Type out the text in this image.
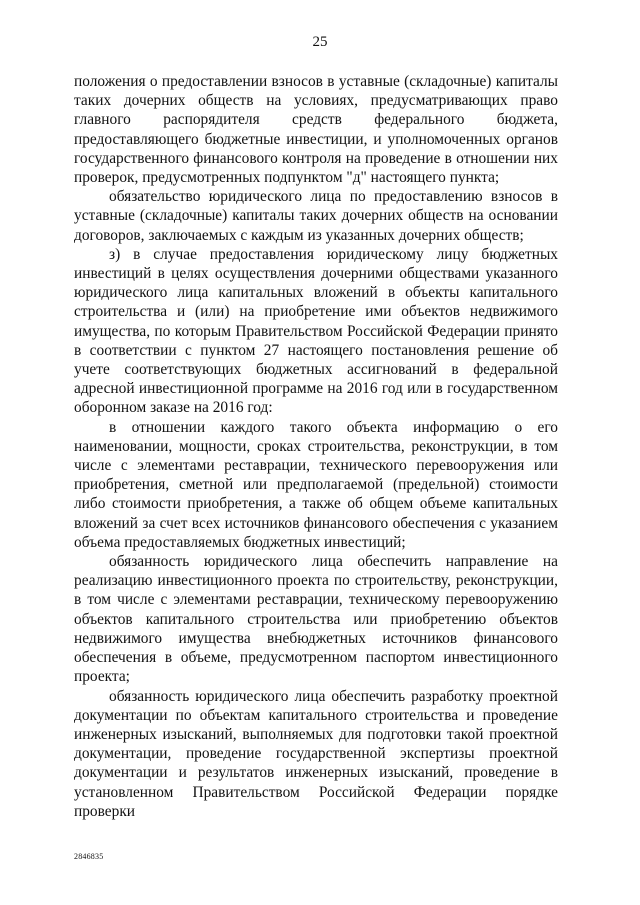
25

положения о предоставлении взносов в уставные (складочные) капиталы таких дочерних обществ на условиях, предусматривающих право главного распорядителя средств федерального бюджета, предоставляющего бюджетные инвестиции, и уполномоченных органов государственного финансового контроля на проведение в отношении них проверок, предусмотренных подпунктом "д" настоящего пункта;

обязательство юридического лица по предоставлению взносов в уставные (складочные) капиталы таких дочерних обществ на основании договоров, заключаемых с каждым из указанных дочерних обществ;

з) в случае предоставления юридическому лицу бюджетных инвестиций в целях осуществления дочерними обществами указанного юридического лица капитальных вложений в объекты капитального строительства и (или) на приобретение ими объектов недвижимого имущества, по которым Правительством Российской Федерации принято в соответствии с пунктом 27 настоящего постановления решение об учете соответствующих бюджетных ассигнований в федеральной адресной инвестиционной программе на 2016 год или в государственном оборонном заказе на 2016 год:

в отношении каждого такого объекта информацию о его наименовании, мощности, сроках строительства, реконструкции, в том числе с элементами реставрации, технического перевооружения или приобретения, сметной или предполагаемой (предельной) стоимости либо стоимости приобретения, а также об общем объеме капитальных вложений за счет всех источников финансового обеспечения с указанием объема предоставляемых бюджетных инвестиций;

обязанность юридического лица обеспечить направление на реализацию инвестиционного проекта по строительству, реконструкции, в том числе с элементами реставрации, техническому перевооружению объектов капитального строительства или приобретению объектов недвижимого имущества внебюджетных источников финансового обеспечения в объеме, предусмотренном паспортом инвестиционного проекта;

обязанность юридического лица обеспечить разработку проектной документации по объектам капитального строительства и проведение инженерных изысканий, выполняемых для подготовки такой проектной документации, проведение государственной экспертизы проектной документации и результатов инженерных изысканий, проведение в установленном Правительством Российской Федерации порядке проверки

2846835
